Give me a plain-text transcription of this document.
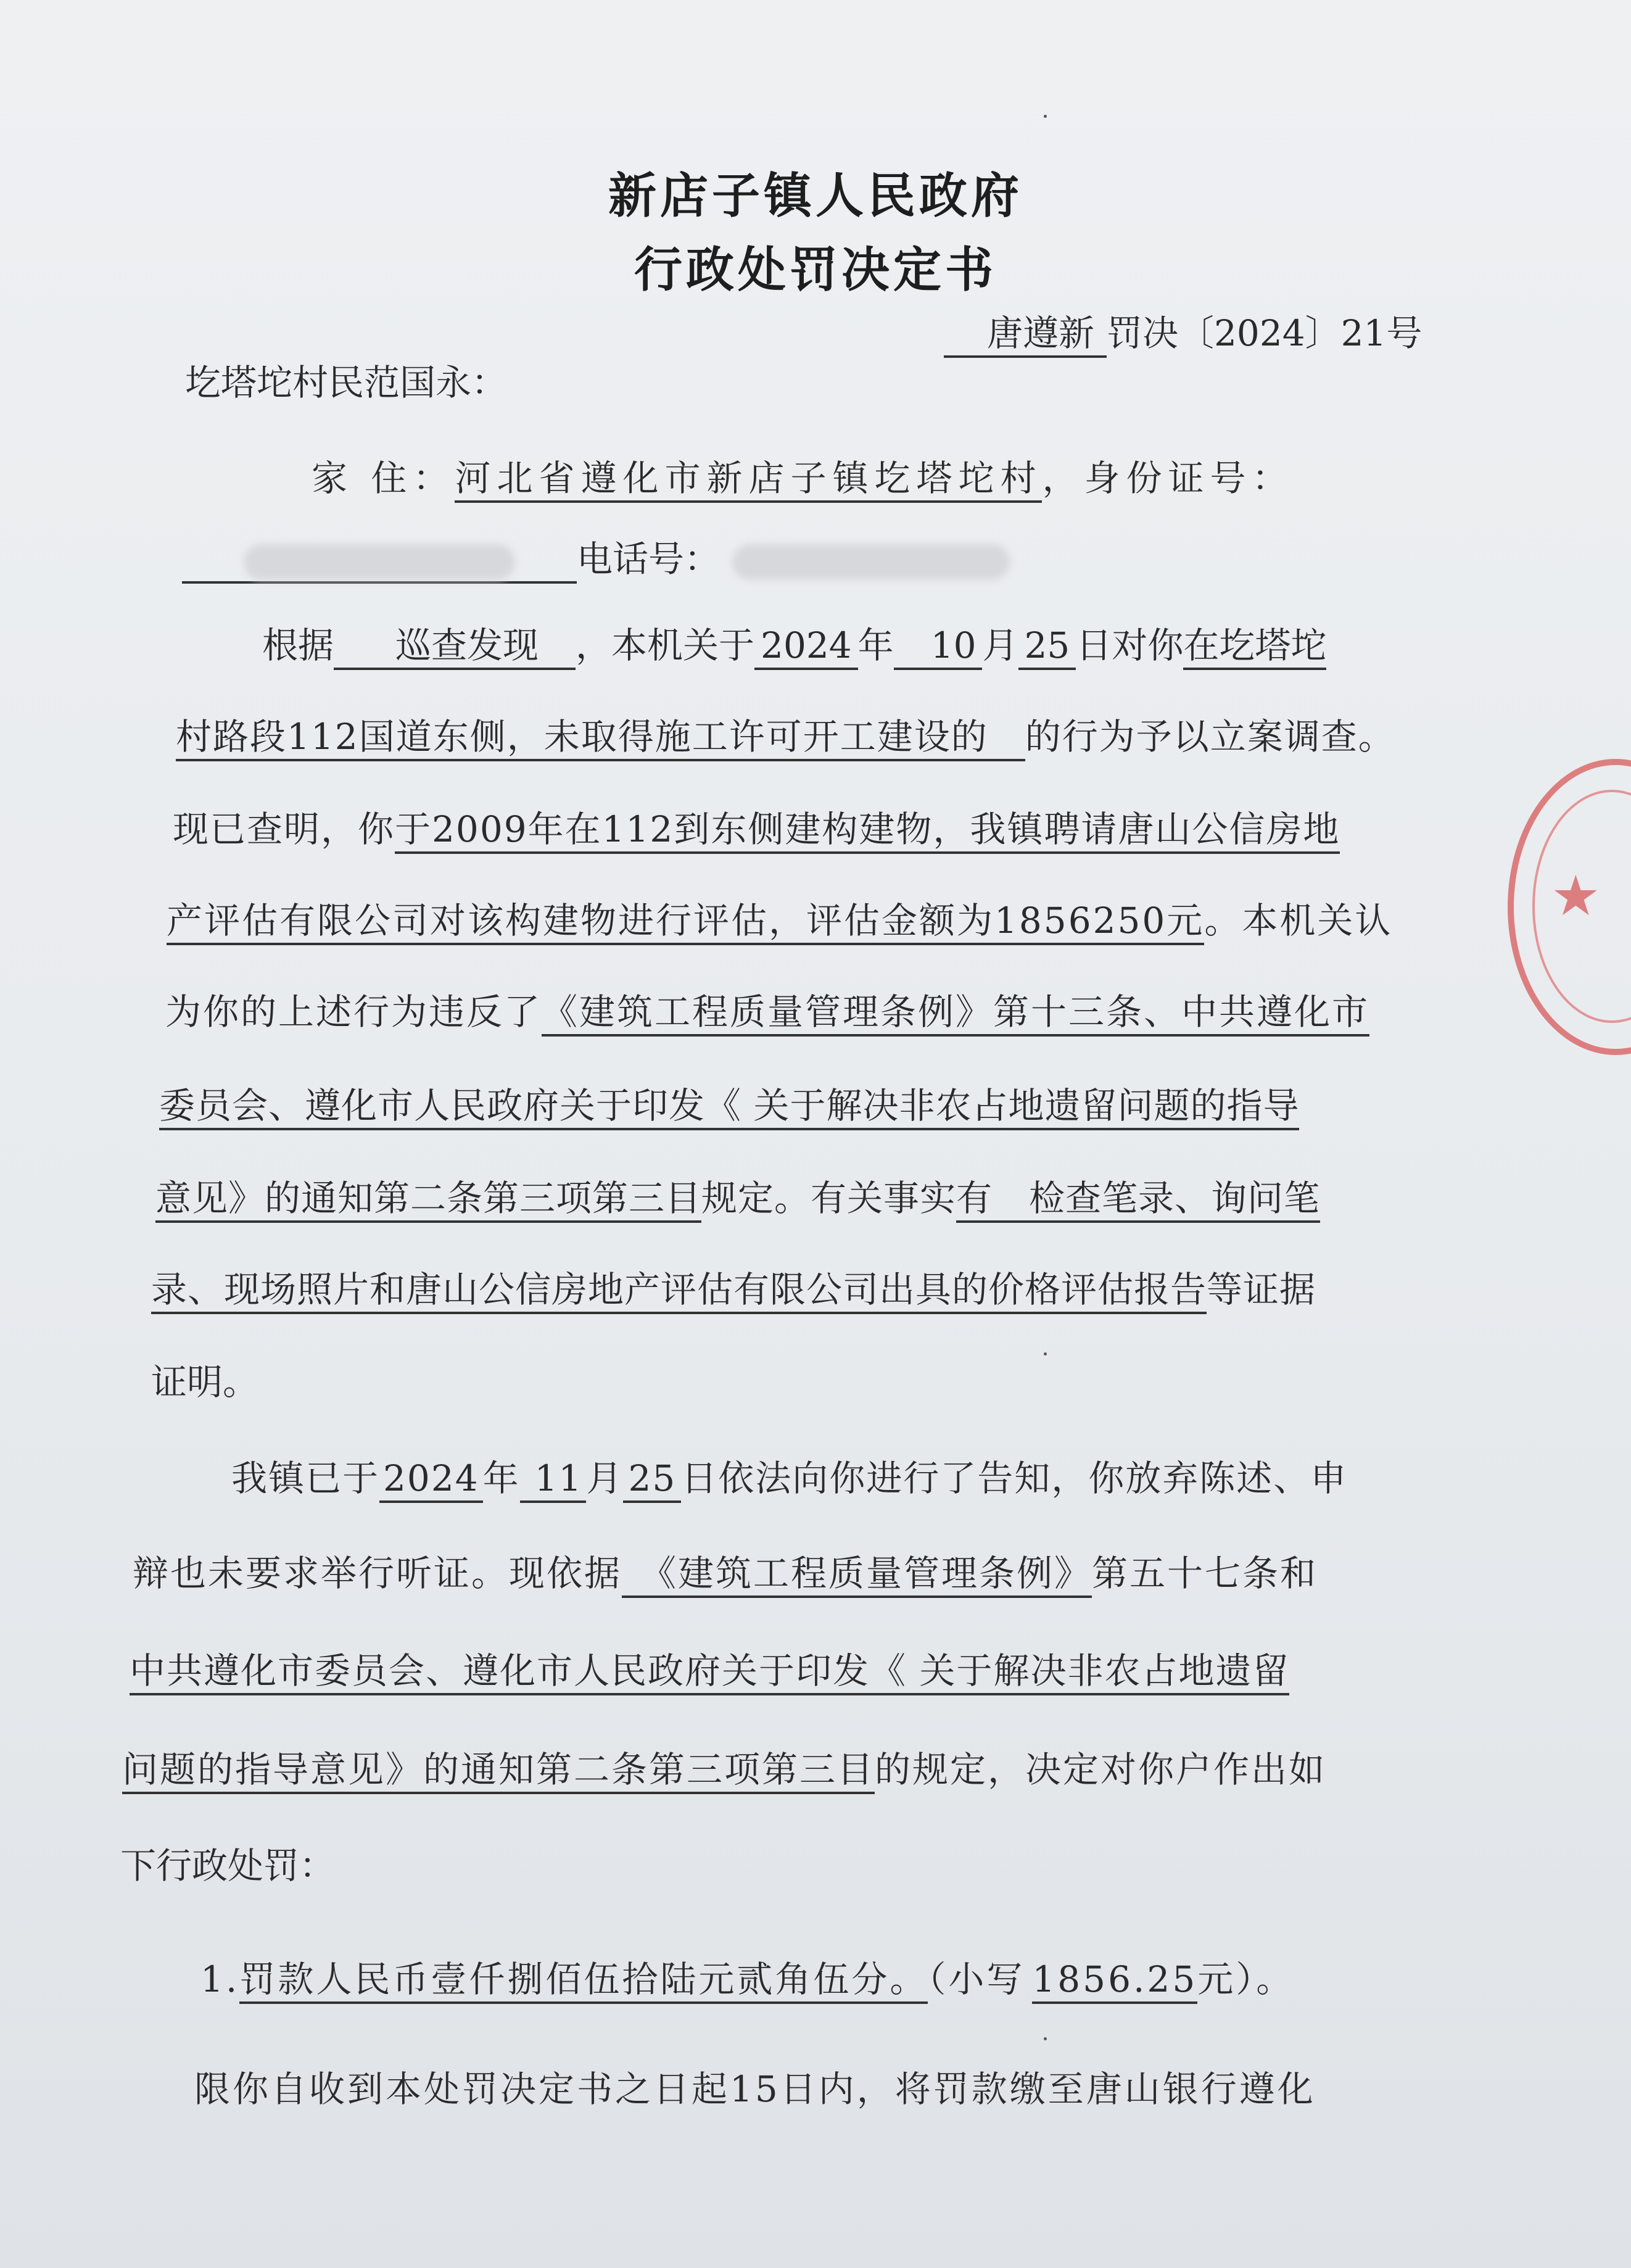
新店子镇人民政府
行政处罚决定书
唐遵新 罚决〔2024〕21号
圪塔坨村民范国永：
家 住：河北省遵化市新店子镇圪塔坨村，身份证号：
电话号：
根据 巡查发现 ，本机关于 2024 年 10 月 25 日对你在圪塔坨
村路段112国道东侧，未取得施工许可开工建设的 的行为予以立案调查。
现已查明，你于2009年在112到东侧建构建物，我镇聘请唐山公信房地
产评估有限公司对该构建物进行评估，评估金额为1856250元。本机关认
为你的上述行为违反了《建筑工程质量管理条例》第十三条、中共遵化市
委员会、遵化市人民政府关于印发《 关于解决非农占地遗留问题的指导
意见》的通知第二条第三项第三目规定。有关事实有　检查笔录、询问笔
录、现场照片和唐山公信房地产评估有限公司出具的价格评估报告等证据
证明。
我镇已于 2024 年 11 月 25 日依法向你进行了告知，你放弃陈述、申
辩也未要求举行听证。现依据 《建筑工程质量管理条例》第五十七条和
中共遵化市委员会、遵化市人民政府关于印发《 关于解决非农占地遗留
问题的指导意见》的通知第二条第三项第三目的规定，决定对你户作出如
下行政处罚：
1.罚款人民币壹仟捌佰伍拾陆元贰角伍分。（小写 1856.25元）。
限你自收到本处罚决定书之日起15日内，将罚款缴至唐山银行遵化
★
